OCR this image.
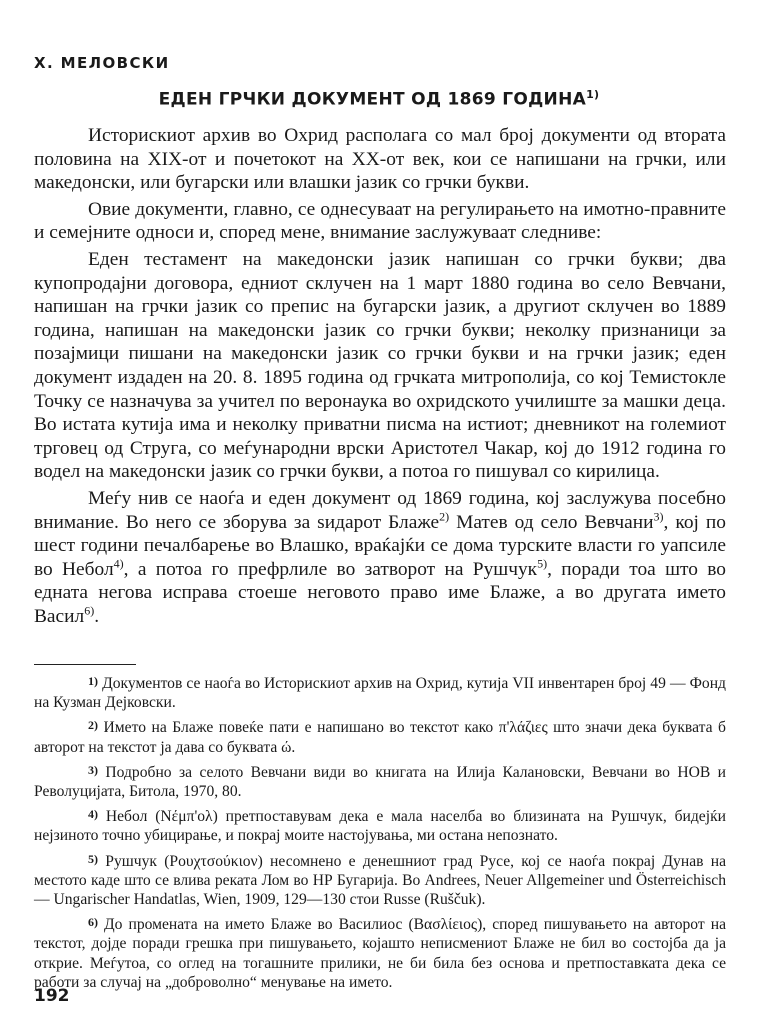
Х. МЕЛОВСКИ
ЕДЕН ГРЧКИ ДОКУМЕНТ ОД 1869 ГОДИНА$^{1)}$

Историскиот архив во Охрид располага со мал број документи од втората половина на XIX-от и почетокот на XX-от век, кои се напишани на грчки, или македонски, или бугарски или влашки јазик со грчки букви.

Овие документи, главно, се однесуваат на регулирањето на имотно-правните и семејните односи и, според мене, внимание заслужуваат следниве:

Еден тестамент на македонски јазик напишан со грчки букви; два купопродајни договора, едниот склучен на 1 март 1880 година во село Вевчани, напишан на грчки јазик со препис на бугарски јазик, а другиот склучен во 1889 година, напишан на македонски јазик со грчки букви; неколку признаници за позајмици пишани на македонски јазик со грчки букви и на грчки јазик; еден документ издаден на 20. 8. 1895 година од грчката митрополија, со кој Темистокле Точку се назначува за учител по веронаука во охридското училиште за машки деца. Во истата кутија има и неколку приватни писма на истиот; дневникот на големиот трговец од Струга, со меѓународни врски Аристотел Чакар, кој до 1912 година го водел на македонски јазик со грчки букви, а потоа го пишувал со кирилица.

Меѓу нив се наоѓа и еден документ од 1869 година, кој заслужува посебно внимание. Во него се зборува за sидарот Блаже$^{2)}$ Матев од село Вевчани$^{3)}$, кој по шест години печалбарење во Влашко, враќајќи се дома турските власти го уапсиле во Небол$^{4)}$, а потоа го префрлиле во затворот на Рушчук$^{5)}$, поради тоа што во едната негова исправа стоеше неговото право име Блаже, а во другата името Васил$^{6)}$.

1) Документов се наоѓа во Историскиот архив на Охрид, кутија VII инвентарен број 49 — Фонд на Кузман Дејковски.

2) Името на Блаже повеќе пати е напишано во текстот како π'λάζιες што значи дека буквата б авторот на текстот ја дава со буквата ώ.

3) Подробно за селото Вевчани види во книгата на Илија Калановски, Вевчани во НОВ и Револуцијата, Битола, 1970, 80.

4) Небол (Νέμπ'ολ) претпоставувам дека е мала населба во близината на Рушчук, бидејќи нејзиното точно убицирање, и покрај моите настојувања, ми остана непознато.

5) Рушчук (Ρουχτσούκιον) несомнено е денешниот град Русе, кој се наоѓа покрај Дунав на местото каде што се влива реката Лом во НР Бугарија. Во Andrees, Neuer Allgemeiner und Österreichisch — Ungarischer Handatlas, Wien, 1909, 129—130 стои Russe (Ruščuk).

6) До промената на името Блаже во Василиос (Βασλίειος), според пишувањето на авторот на текстот, дојде поради грешка при пишувањето, којашто неписмениот Блаже не бил во состојба да ја открие. Меѓутоа, со оглед на тогашните прилики, не би била без основа и претпоставката дека се работи за случај на „доброволно“ менување на името.

192
